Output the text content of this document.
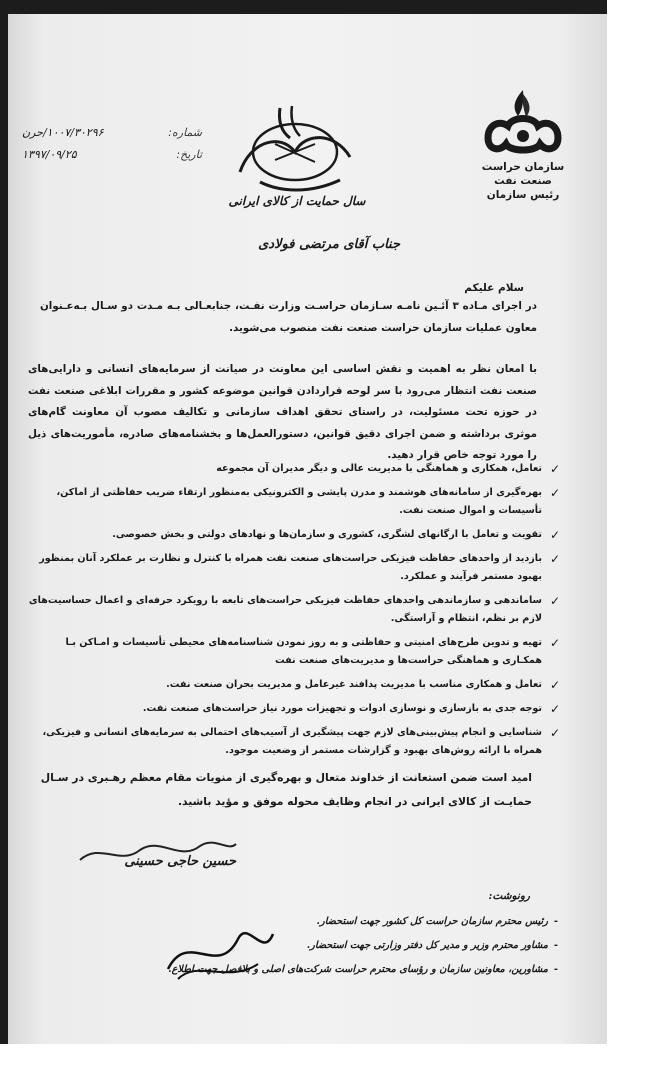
سازمان حراست
صنعت نفت
رئیس سازمان
سال حمایت از کالای ایرانی
شماره:
۱۰۰۷/۳۰۲۹۶/حرن
تاریخ:
۱۳۹۷/۰۹/۲۵
جناب آقای مرتضی فولادی
سلام علیکم
در اجرای مـاده ۳ آئـین نامـه سـازمان حراسـت وزارت نفـت، جنابعـالی بـه مـدت دو سـال بـه‌عـنوان معاون عملیات سازمان حراست صنعت نفت منصوب می‌شوید.
با امعان نظر به اهمیت و نقش اساسی این معاونت در صیانت از سرمایه‌های انسانی و دارایی‌های صنعت نفت انتظار می‌رود با سر لوحه قراردادن قوانین موضوعه کشور و مقررات ابلاغی صنعت نفت در حوزه تحت مسئولیت، در راستای تحقق اهداف سازمانی و تکالیف مصوب آن معاونت گام‌های موثری برداشته و ضمن اجرای دقیق قوانین، دستورالعمل‌ها و بخشنامه‌های صادره، مأموریت‌های ذیل را مورد توجه خاص قرار دهید.
✓
تعامل، همکاری و هماهنگی با مدیریت عالی و دیگر مدیران آن مجموعه
✓
بهره‌گیری از سامانه‌های هوشمند و مدرن پایشی و الکترونیکی به‌منظور ارتقاء ضریب حفاظتی از اماکن، تأسیسات و اموال صنعت نفت.
✓
تقویت و تعامل با ارگانهای لشگری، کشوری و سازمان‌ها و نهادهای دولتی و بخش خصوصی.
✓
بازدید از واحدهای حفاظت فیزیکی حراست‌های صنعت نفت همراه با کنترل و نظارت بر عملکرد آنان بمنظور بهبود مستمر فرآیند و عملکرد.
✓
ساماندهی و سازماندهی واحدهای حفاظت فیزیکی حراست‌های تابعه با رویکرد حرفه‌ای و اعمال حساسیت‌های لازم بر نظم، انتظام و آراستگی.
✓
تهیه و تدوین طرح‌های امنیتی و حفاظتی و به روز نمودن شناسنامه‌های محیطی تأسیسات و امـاکن بـا همکـاری و هماهنگی حراست‌ها و مدیریت‌های صنعت نفت
✓
تعامل و همکاری مناسب با مدیریت پدافند غیرعامل و مدیریت بحران صنعت نفت.
✓
توجه جدی به بازسازی و نوسازی ادوات و تجهیزات مورد نیاز حراست‌های صنعت نفت.
✓
شناسایی و انجام پیش‌بینی‌های لازم جهت پیشگیری از آسیب‌های احتمالی به سرمایه‌های انسانی و فیزیکی، همراه با ارائه روش‌های بهبود و گزارشات مستمر از وضعیت موجود.
امید است ضمن استعانت از خداوند متعال و بهره‌گیری از منویات مقام معظم رهـبری در سـال حمایـت از کالای ایرانی در انجام وظایف محوله موفق و مؤید باشید.
حسین حاجی حسینی
رونوشت:
- رئیس محترم سازمان حراست کل کشور جهت استحضار.
- مشاور محترم وزیر و مدیر کل دفتر وزارتی جهت استحضار.
- مشاورین، معاونین سازمان و رؤسای محترم حراست شرکت‌های اصلی و بلافصل جهت اطلاع.
